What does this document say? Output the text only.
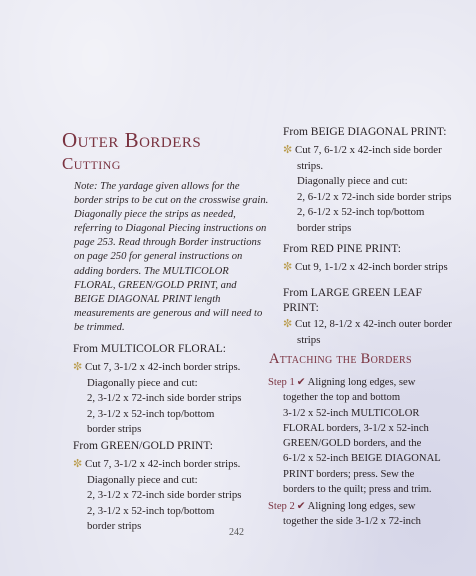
Outer Borders
Cutting
Note: The yardage given allows for the
border strips to be cut on the crosswise grain.
Diagonally piece the strips as needed,
referring to Diagonal Piecing instructions on
page 253. Read through Border instructions
on page 250 for general instructions on
adding borders. The MULTICOLOR
FLORAL, GREEN/GOLD PRINT, and
BEIGE DIAGONAL PRINT length
measurements are generous and will need to
be trimmed.
From MULTICOLOR FLORAL:
✼ Cut 7, 3-1/2 x 42-inch border strips.
Diagonally piece and cut:
2, 3-1/2 x 72-inch side border strips
2, 3-1/2 x 52-inch top/bottom
border strips
From GREEN/GOLD PRINT:
✼ Cut 7, 3-1/2 x 42-inch border strips.
Diagonally piece and cut:
2, 3-1/2 x 72-inch side border strips
2, 3-1/2 x 52-inch top/bottom
border strips
From BEIGE DIAGONAL PRINT:
✼ Cut 7, 6-1/2 x 42-inch side border
strips.
Diagonally piece and cut:
2, 6-1/2 x 72-inch side border strips
2, 6-1/2 x 52-inch top/bottom
border strips
From RED PINE PRINT:
✼ Cut 9, 1-1/2 x 42-inch border strips
From LARGE GREEN LEAF
PRINT:
✼ Cut 12, 8-1/2 x 42-inch outer border
strips
Attaching the Borders
Step 1 ✔ Aligning long edges, sew
together the top and bottom
3-1/2 x 52-inch MULTICOLOR
FLORAL borders, 3-1/2 x 52-inch
GREEN/GOLD borders, and the
6-1/2 x 52-inch BEIGE DIAGONAL
PRINT borders; press. Sew the
borders to the quilt; press and trim.
Step 2 ✔ Aligning long edges, sew
together the side 3-1/2 x 72-inch
242
